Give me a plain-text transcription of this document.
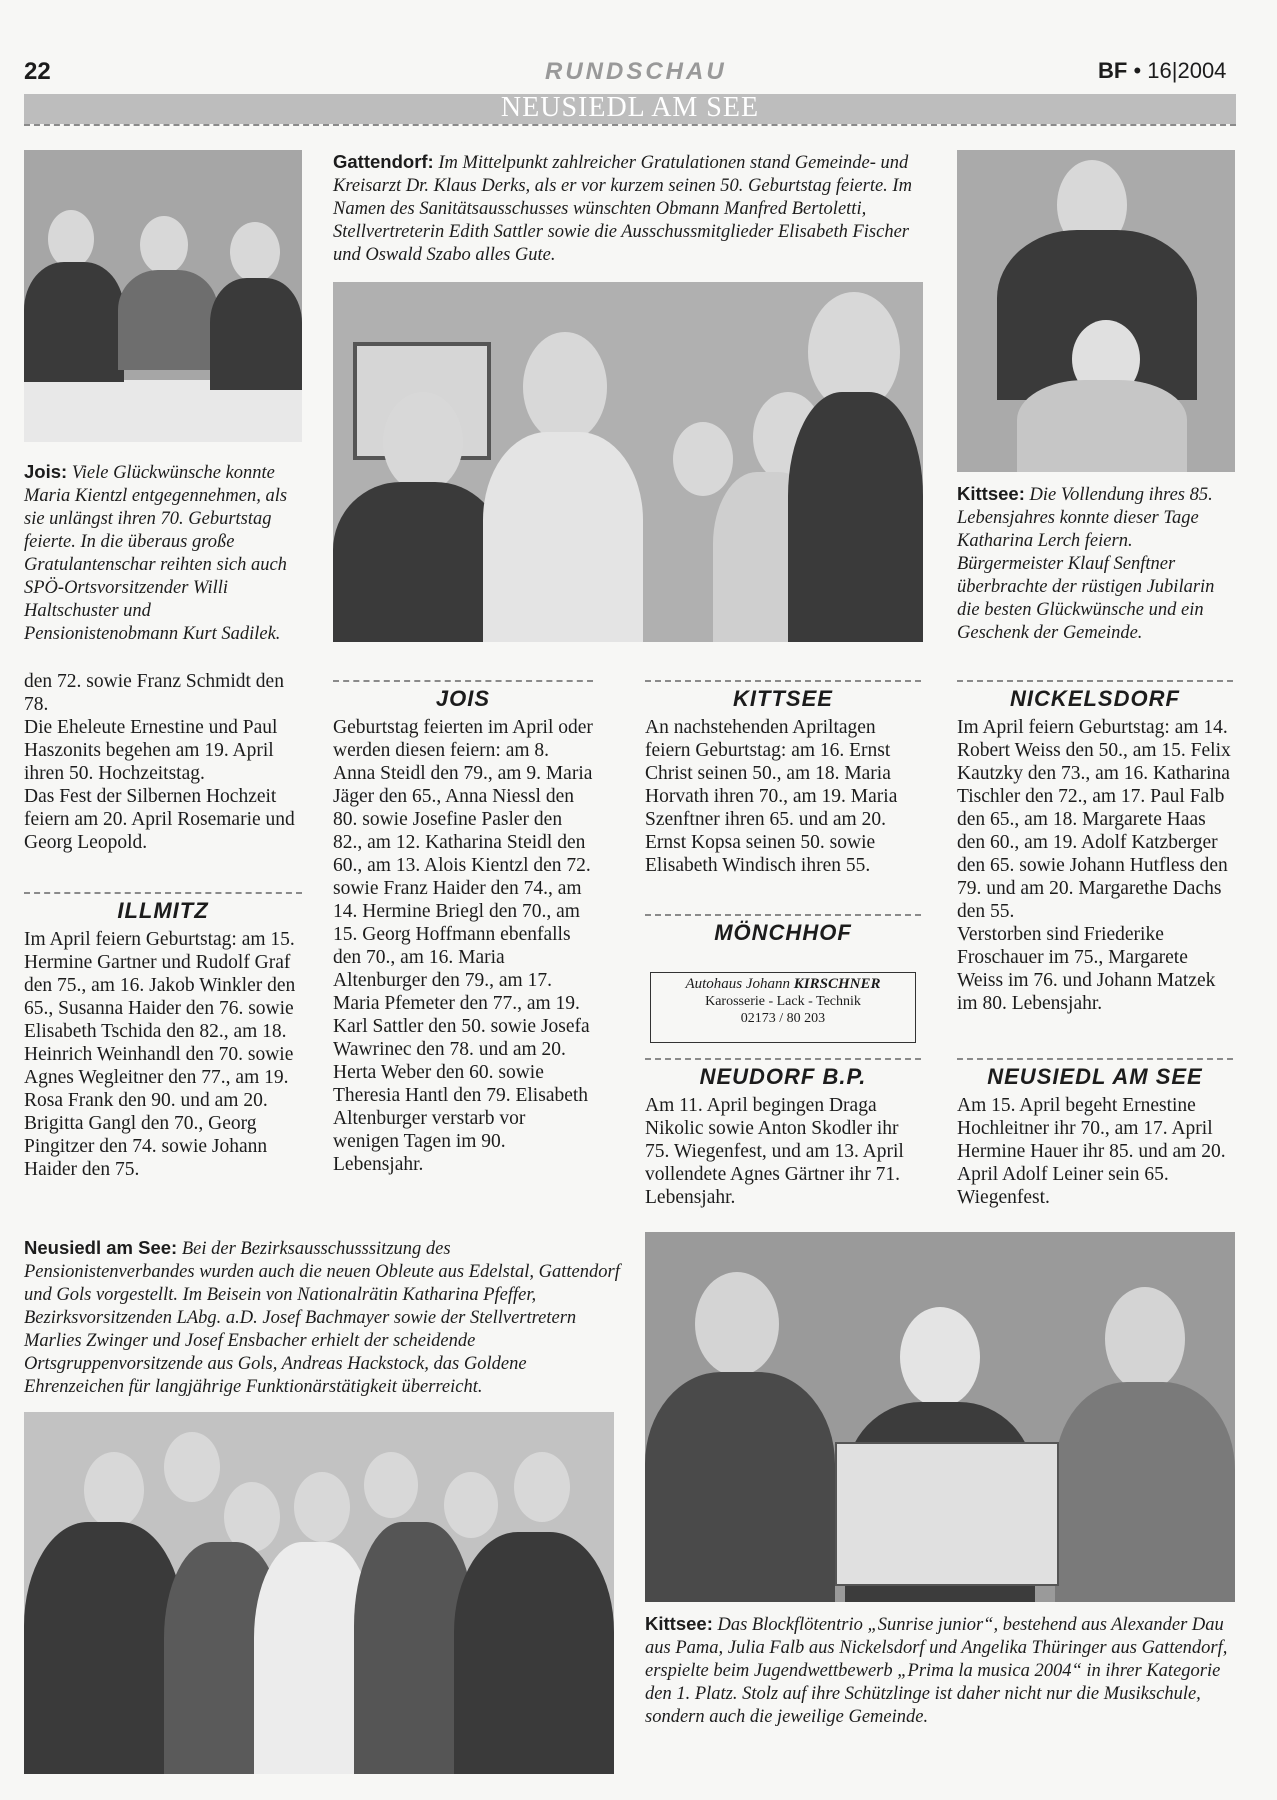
22	RUNDSCHAU	BF • 16|2004
NEUSIEDL AM SEE
Gattendorf: Im Mittelpunkt zahlreicher Gratulationen stand Gemeinde- und Kreisarzt Dr. Klaus Derks, als er vor kurzem seinen 50. Geburtstag feierte. Im Namen des Sanitätsausschusses wünschten Obmann Manfred Bertoletti, Stellvertreterin Edith Sattler sowie die Ausschussmitglieder Elisabeth Fischer und Oswald Szabo alles Gute.
Jois: Viele Glückwünsche konnte Maria Kientzl entgegennehmen, als sie unlängst ihren 70. Geburtstag feierte. In die überaus große Gratulantenschar reihten sich auch SPÖ-Ortsvorsitzender Willi Haltschuster und Pensionistenobmann Kurt Sadilek.
Kittsee: Die Vollendung ihres 85. Lebensjahres konnte dieser Tage Katharina Lerch feiern. Bürgermeister Klauf Senftner überbrachte der rüstigen Jubilarin die besten Glückwünsche und ein Geschenk der Gemeinde.
den 72. sowie Franz Schmidt den 78.
Die Eheleute Ernestine und Paul Haszonits begehen am 19. April ihren 50. Hochzeitstag.
Das Fest der Silbernen Hochzeit feiern am 20. April Rosemarie und Georg Leopold.
ILLMITZ
Im April feiern Geburtstag: am 15. Hermine Gartner und Rudolf Graf den 75., am 16. Jakob Winkler den 65., Susanna Haider den 76. sowie Elisabeth Tschida den 82., am 18. Heinrich Weinhandl den 70. sowie Agnes Wegleitner den 77., am 19. Rosa Frank den 90. und am 20. Brigitta Gangl den 70., Georg Pingitzer den 74. sowie Johann Haider den 75.
JOIS
Geburtstag feierten im April oder werden diesen feiern: am 8. Anna Steidl den 79., am 9. Maria Jäger den 65., Anna Niessl den 80. sowie Josefine Pasler den 82., am 12. Katharina Steidl den 60., am 13. Alois Kientzl den 72. sowie Franz Haider den 74., am 14. Hermine Briegl den 70., am 15. Georg Hoffmann ebenfalls den 70., am 16. Maria Altenburger den 79., am 17. Maria Pfemeter den 77., am 19. Karl Sattler den 50. sowie Josefa Wawrinec den 78. und am 20. Herta Weber den 60. sowie Theresia Hantl den 79. Elisabeth Altenburger verstarb vor wenigen Tagen im 90. Lebensjahr.
KITTSEE
An nachstehenden Apriltagen feiern Geburtstag: am 16. Ernst Christ seinen 50., am 18. Maria Horvath ihren 70., am 19. Maria Szenftner ihren 65. und am 20. Ernst Kopsa seinen 50. sowie Elisabeth Windisch ihren 55.
MÖNCHHOF
Autohaus Johann KIRSCHNER
Karosserie - Lack - Technik
02173 / 80 203
NEUDORF B.P.
Am 11. April begingen Draga Nikolic sowie Anton Skodler ihr 75. Wiegenfest, und am 13. April vollendete Agnes Gärtner ihr 71. Lebensjahr.
NICKELSDORF
Im April feiern Geburtstag: am 14. Robert Weiss den 50., am 15. Felix Kautzky den 73., am 16. Katharina Tischler den 72., am 17. Paul Falb den 65., am 18. Margarete Haas den 60., am 19. Adolf Katzberger den 65. sowie Johann Hutfless den 79. und am 20. Margarethe Dachs den 55.
Verstorben sind Friederike Froschauer im 75., Margarete Weiss im 76. und Johann Matzek im 80. Lebensjahr.
NEUSIEDL AM SEE
Am 15. April begeht Ernestine Hochleitner ihr 70., am 17. April Hermine Hauer ihr 85. und am 20. April Adolf Leiner sein 65. Wiegenfest.
Neusiedl am See: Bei der Bezirksausschusssitzung des Pensionistenverbandes wurden auch die neuen Obleute aus Edelstal, Gattendorf und Gols vorgestellt. Im Beisein von Nationalrätin Katharina Pfeffer, Bezirksvorsitzenden LAbg. a.D. Josef Bachmayer sowie der Stellvertretern Marlies Zwinger und Josef Ensbacher erhielt der scheidende Ortsgruppenvorsitzende aus Gols, Andreas Hackstock, das Goldene Ehrenzeichen für langjährige Funktionärstätigkeit überreicht.
Kittsee: Das Blockflötentrio „Sunrise junior“, bestehend aus Alexander Dau aus Pama, Julia Falb aus Nickelsdorf und Angelika Thüringer aus Gattendorf, erspielte beim Jugendwettbewerb „Prima la musica 2004“ in ihrer Kategorie den 1. Platz. Stolz auf ihre Schützlinge ist daher nicht nur die Musikschule, sondern auch die jeweilige Gemeinde.
